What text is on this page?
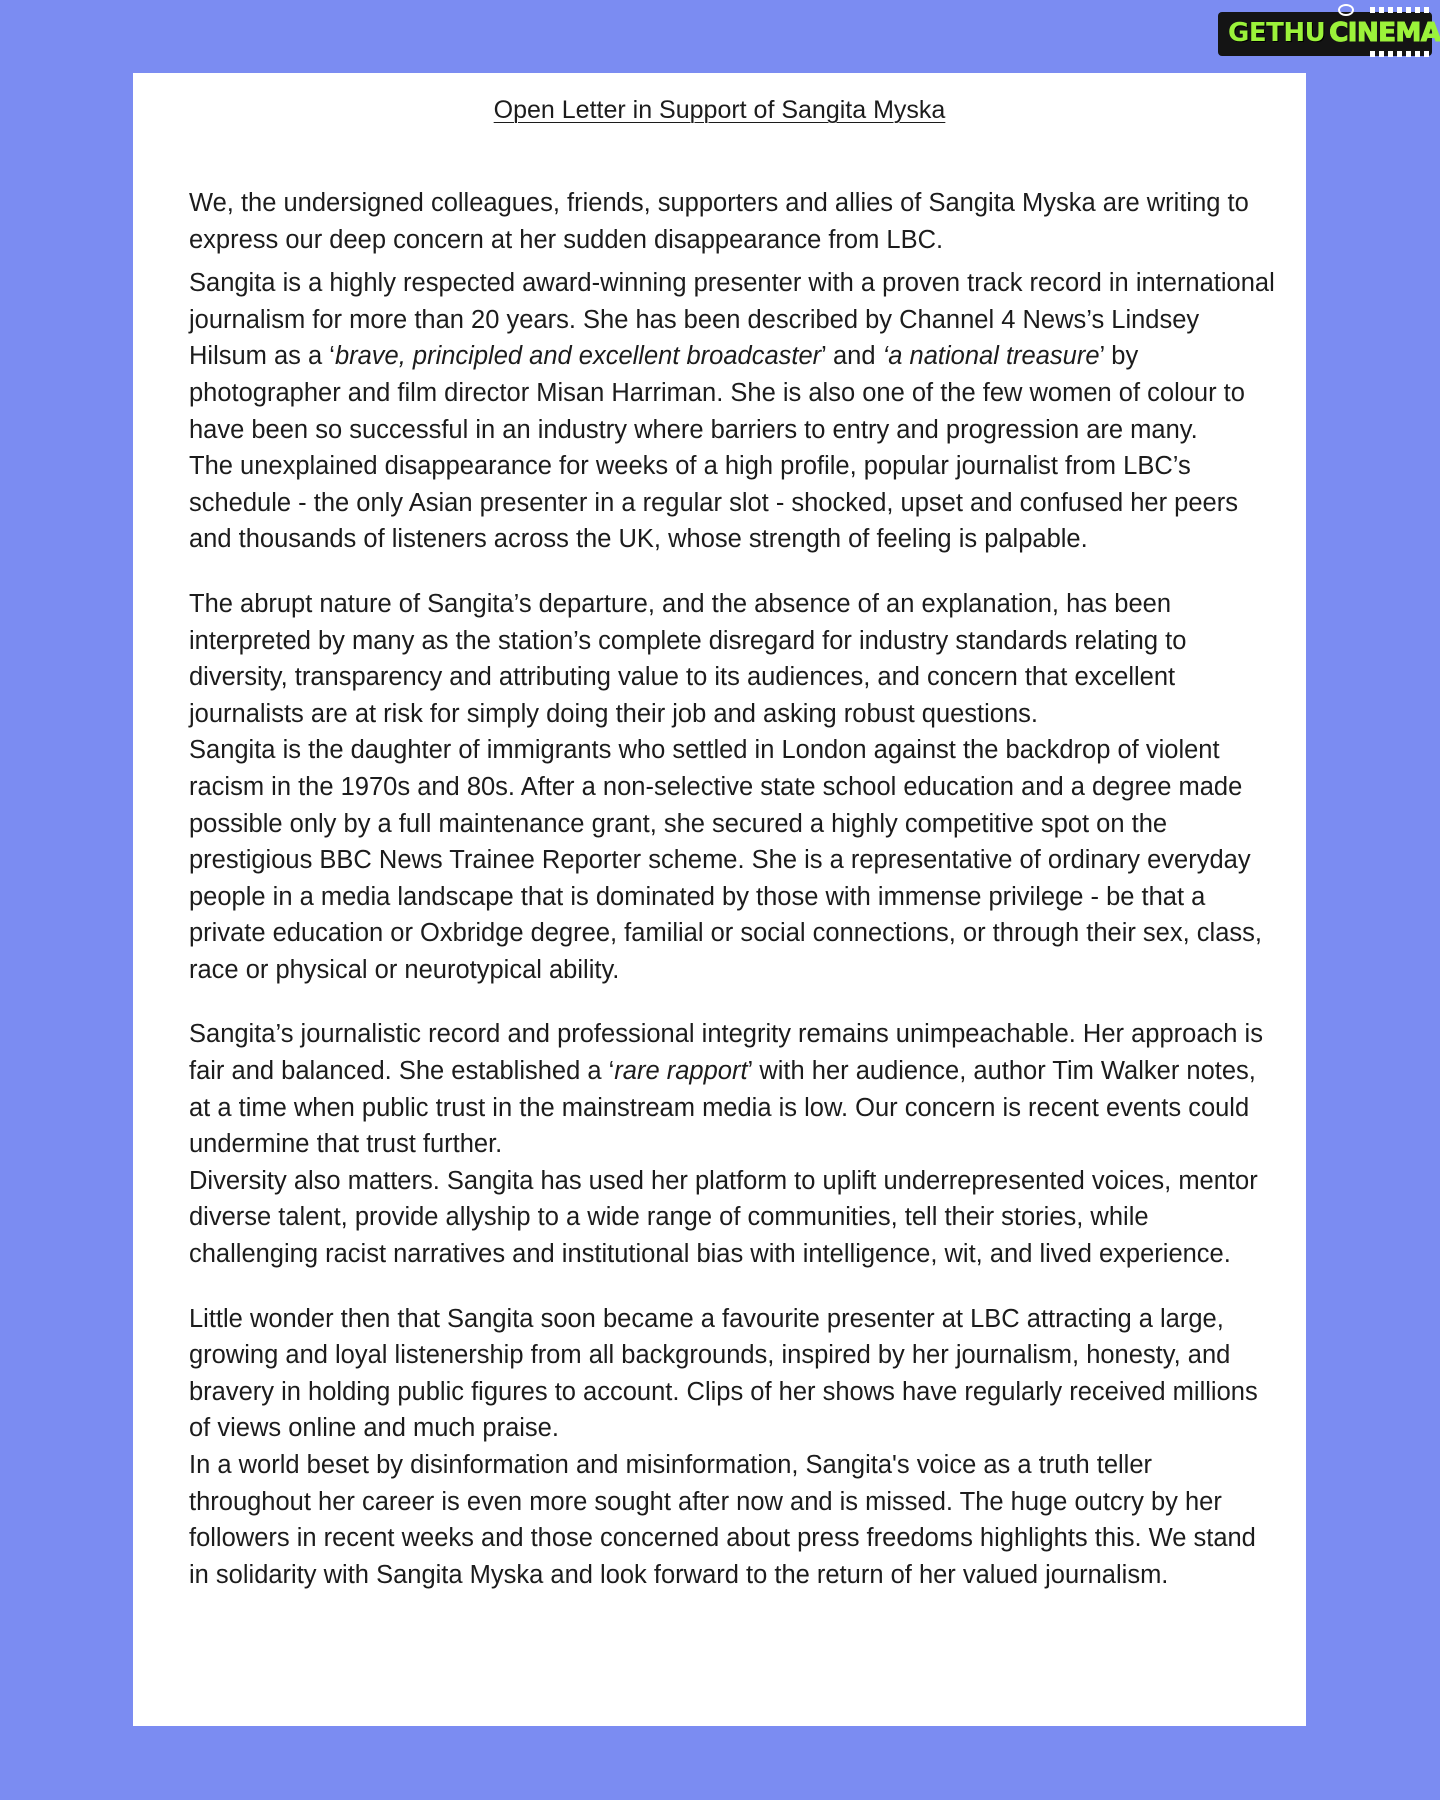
GETHU CINEMA
Open Letter in Support of Sangita Myska

We, the undersigned colleagues, friends, supporters and allies of Sangita Myska are writing to express our deep concern at her sudden disappearance from LBC.

Sangita is a highly respected award-winning presenter with a proven track record in international journalism for more than 20 years. She has been described by Channel 4 News’s Lindsey Hilsum as a ‘brave, principled and excellent broadcaster’ and ‘a national treasure’ by photographer and film director Misan Harriman. She is also one of the few women of colour to have been so successful in an industry where barriers to entry and progression are many.

The unexplained disappearance for weeks of a high profile, popular journalist from LBC’s schedule - the only Asian presenter in a regular slot - shocked, upset and confused her peers and thousands of listeners across the UK, whose strength of feeling is palpable.

The abrupt nature of Sangita’s departure, and the absence of an explanation, has been interpreted by many as the station’s complete disregard for industry standards relating to diversity, transparency and attributing value to its audiences, and concern that excellent journalists are at risk for simply doing their job and asking robust questions.

Sangita is the daughter of immigrants who settled in London against the backdrop of violent racism in the 1970s and 80s. After a non-selective state school education and a degree made possible only by a full maintenance grant, she secured a highly competitive spot on the prestigious BBC News Trainee Reporter scheme. She is a representative of ordinary everyday people in a media landscape that is dominated by those with immense privilege - be that a private education or Oxbridge degree, familial or social connections, or through their sex, class, race or physical or neurotypical ability.

Sangita’s journalistic record and professional integrity remains unimpeachable. Her approach is fair and balanced. She established a ‘rare rapport’ with her audience, author Tim Walker notes, at a time when public trust in the mainstream media is low. Our concern is recent events could undermine that trust further.

Diversity also matters. Sangita has used her platform to uplift underrepresented voices, mentor diverse talent, provide allyship to a wide range of communities, tell their stories, while challenging racist narratives and institutional bias with intelligence, wit, and lived experience.

Little wonder then that Sangita soon became a favourite presenter at LBC attracting a large, growing and loyal listenership from all backgrounds, inspired by her journalism, honesty, and bravery in holding public figures to account. Clips of her shows have regularly received millions of views online and much praise.

In a world beset by disinformation and misinformation, Sangita's voice as a truth teller throughout her career is even more sought after now and is missed. The huge outcry by her followers in recent weeks and those concerned about press freedoms highlights this. We stand in solidarity with Sangita Myska and look forward to the return of her valued journalism.
